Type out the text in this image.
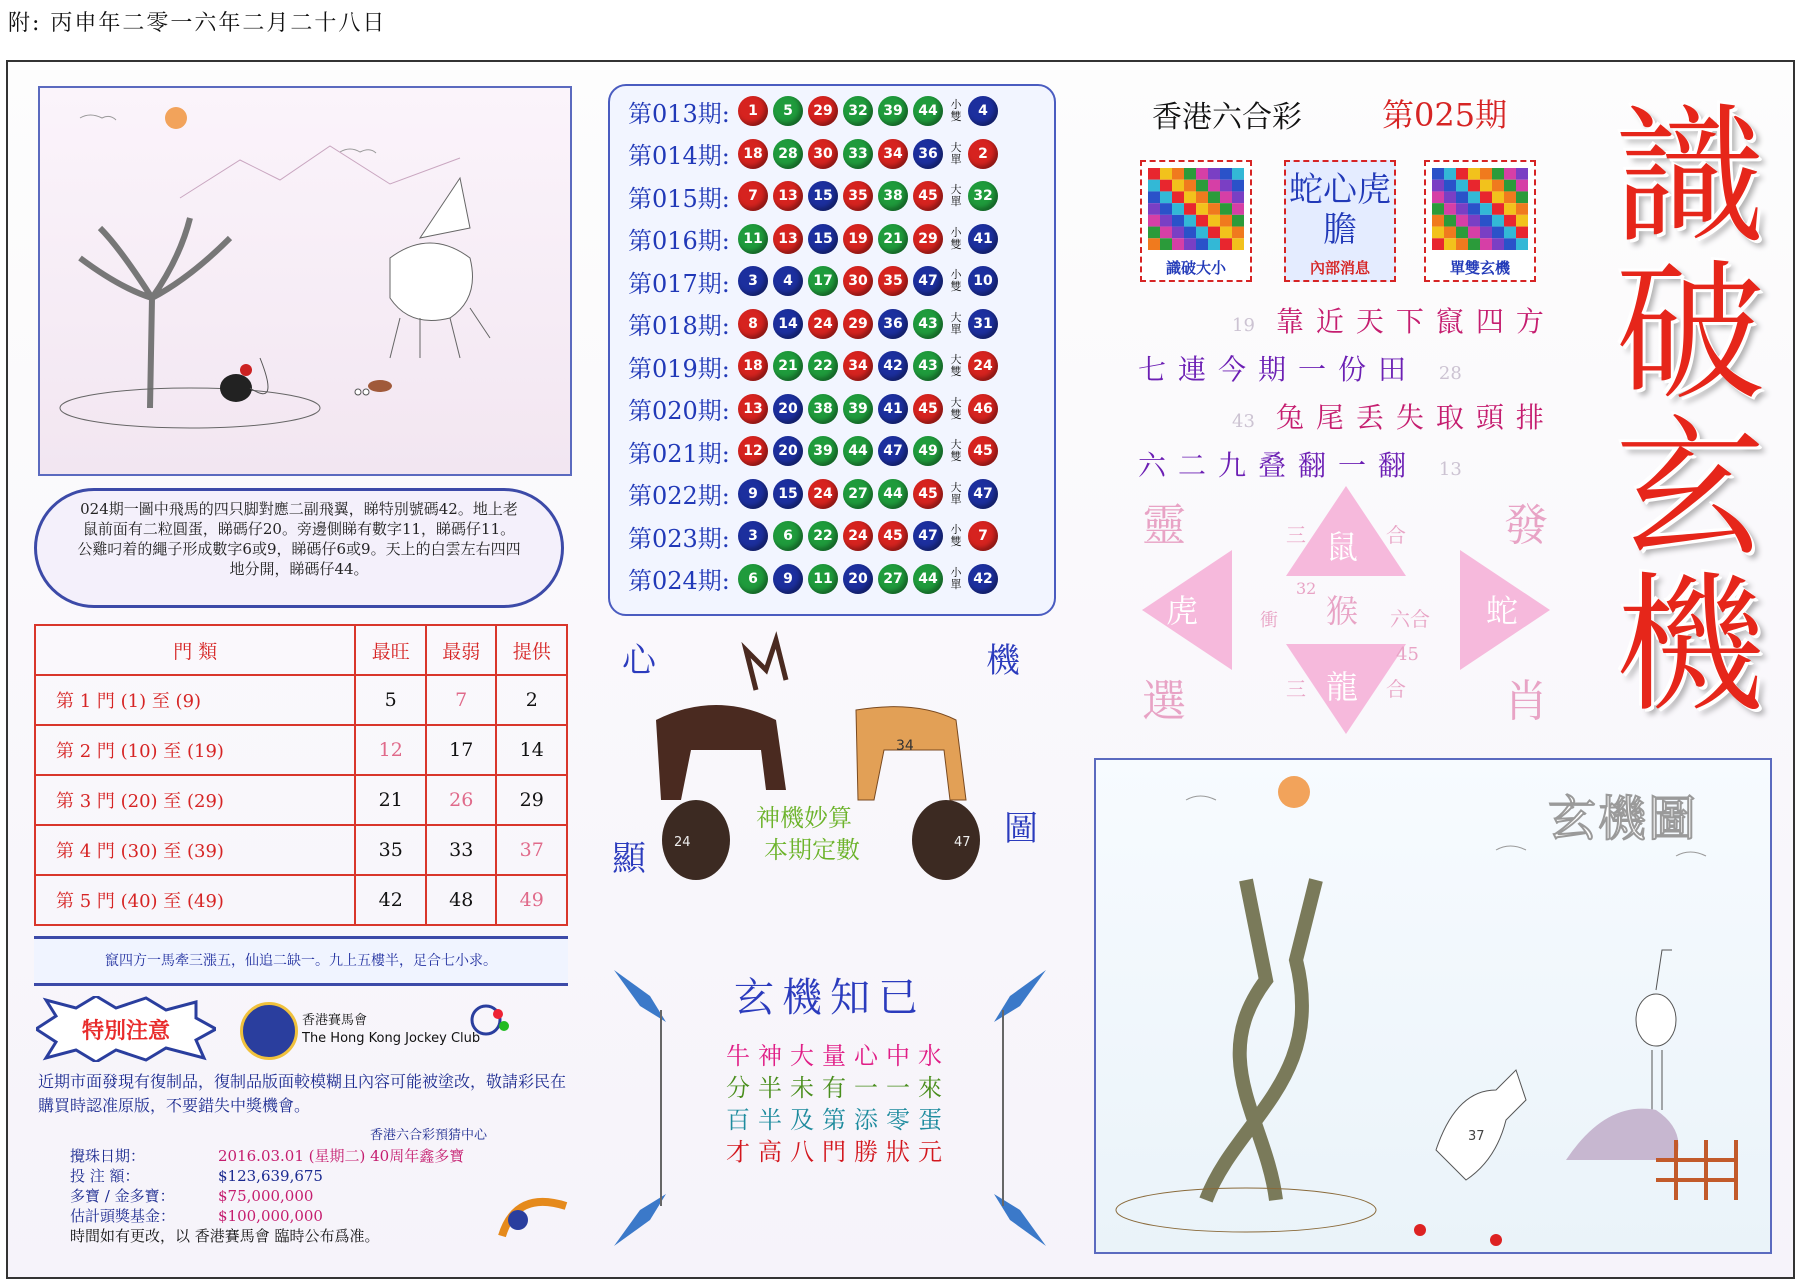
附: 丙申年二零一六年二月二十八日
024期一圖中飛馬的四只脚對應二副飛翼，睇特別號碼42。地上老鼠前面有二粒圓蛋，睇碼仔20。旁邊側睇有數字11，睇碼仔11。公雞叼着的繩子形成數字6或9，睇碼仔6或9。天上的白雲左右四四地分開，睇碼仔44。
門 類	最旺	最弱	提供
第 1 門 (1) 至 (9)	5	7	2
第 2 門 (10) 至 (19)	12	17	14
第 3 門 (20) 至 (29)	21	26	29
第 4 門 (30) 至 (39)	35	33	37
第 5 門 (40) 至 (49)	42	48	49
竄四方一馬牽三漲五，仙追二缺一。九上五樓半，足合七小求。
特別注意	香港賽馬會
The Hong Kong Jockey Club
近期市面發現有復制品，復制品版面較模糊且內容可能被塗改，敬請彩民在購買時認准原版，不要錯失中獎機會。
香港六合彩預猜中心
攪珠日期：	2016.03.01 (星期二) 40周年鑫多寶
投 注 額：	$123,639,675
多寶 / 金多寶：	$75,000,000
估計頭獎基金：	$100,000,000
時間如有更改，以 香港賽馬會 臨時公布爲准。
第013期:	1	5	29	32	39	44	小雙	4
第014期: 18	28	30	33	34	36	大單	2
第015期:	7	13	15	35	38	45	大單 32
第016期: 11	13	15	19	21	29	小雙 41
第017期:	3	4	17	30	35	47	小雙 10
第018期:	8	14	24	29	36	43	大單 31
第019期: 18	21	22	34	42	43	大雙 24
第020期: 13	20	38	39	41	45	大雙 46
第021期: 12	20	39	44	47	49	大雙 45
第022期:	9	15	24	27	44	45	大單 47
第023期:	3	6	22	24	45	47	小雙	7
第024期:	6	9	11	20	27	44	小單 42
心	機
顯
圖
34
24	47
神機妙算
本期定數
玄機知已
牛神大量心中水
分半未有一一來
百半及第添零蛋
才高八門勝狀元
香港六合彩	第025期
識破大小
蛇心虎膽
內部消息	單雙玄機
識破玄機
19 靠近天下竄四方
七連今期一份田 28
43 兔尾丢失取頭排
六二九叠翻一翻 13
靈	發
選	肖
鼠
虎	猴	蛇
龍
三	合
衝	六合
三	合
32
45
37
玄機圖
